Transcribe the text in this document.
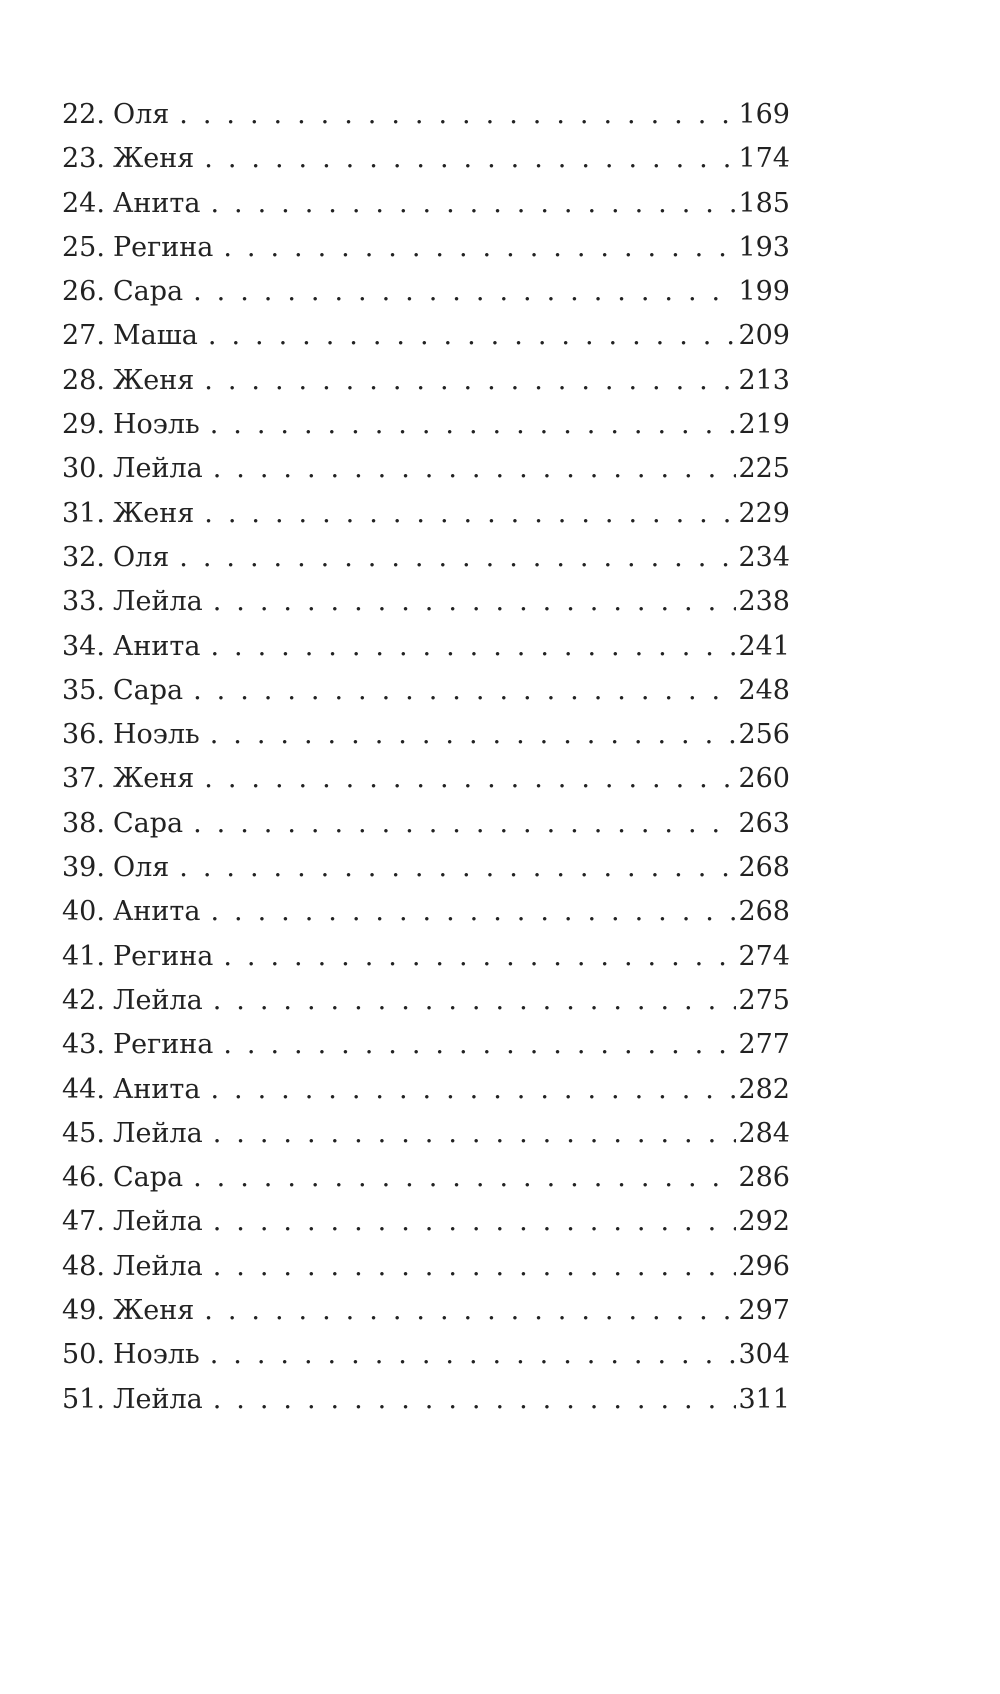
22. Оля . . .	169
23. Женя . . .	174
24. Анита . . .	185
25. Регина . . .	193
26. Сара . . .	199
27. Маша . . .	209
28. Женя . . .	213
29. Ноэль . . .	219
30. Лейла . . .	225
31. Женя . . .	229
32. Оля . . .	234
33. Лейла . . .	238
34. Анита . . .	241
35. Сара . . .	248
36. Ноэль . . .	256
37. Женя . . .	260
38. Сара . . .	263
39. Оля . . .	268
40. Анита . . .	268
41. Регина . . .	274
42. Лейла . . .	275
43. Регина . . .	277
44. Анита . . .	282
45. Лейла . . .	284
46. Сара . . .	286
47. Лейла . . .	292
48. Лейла . . .	296
49. Женя . . .	297
50. Ноэль . . .	304
51. Лейла . . .	311
